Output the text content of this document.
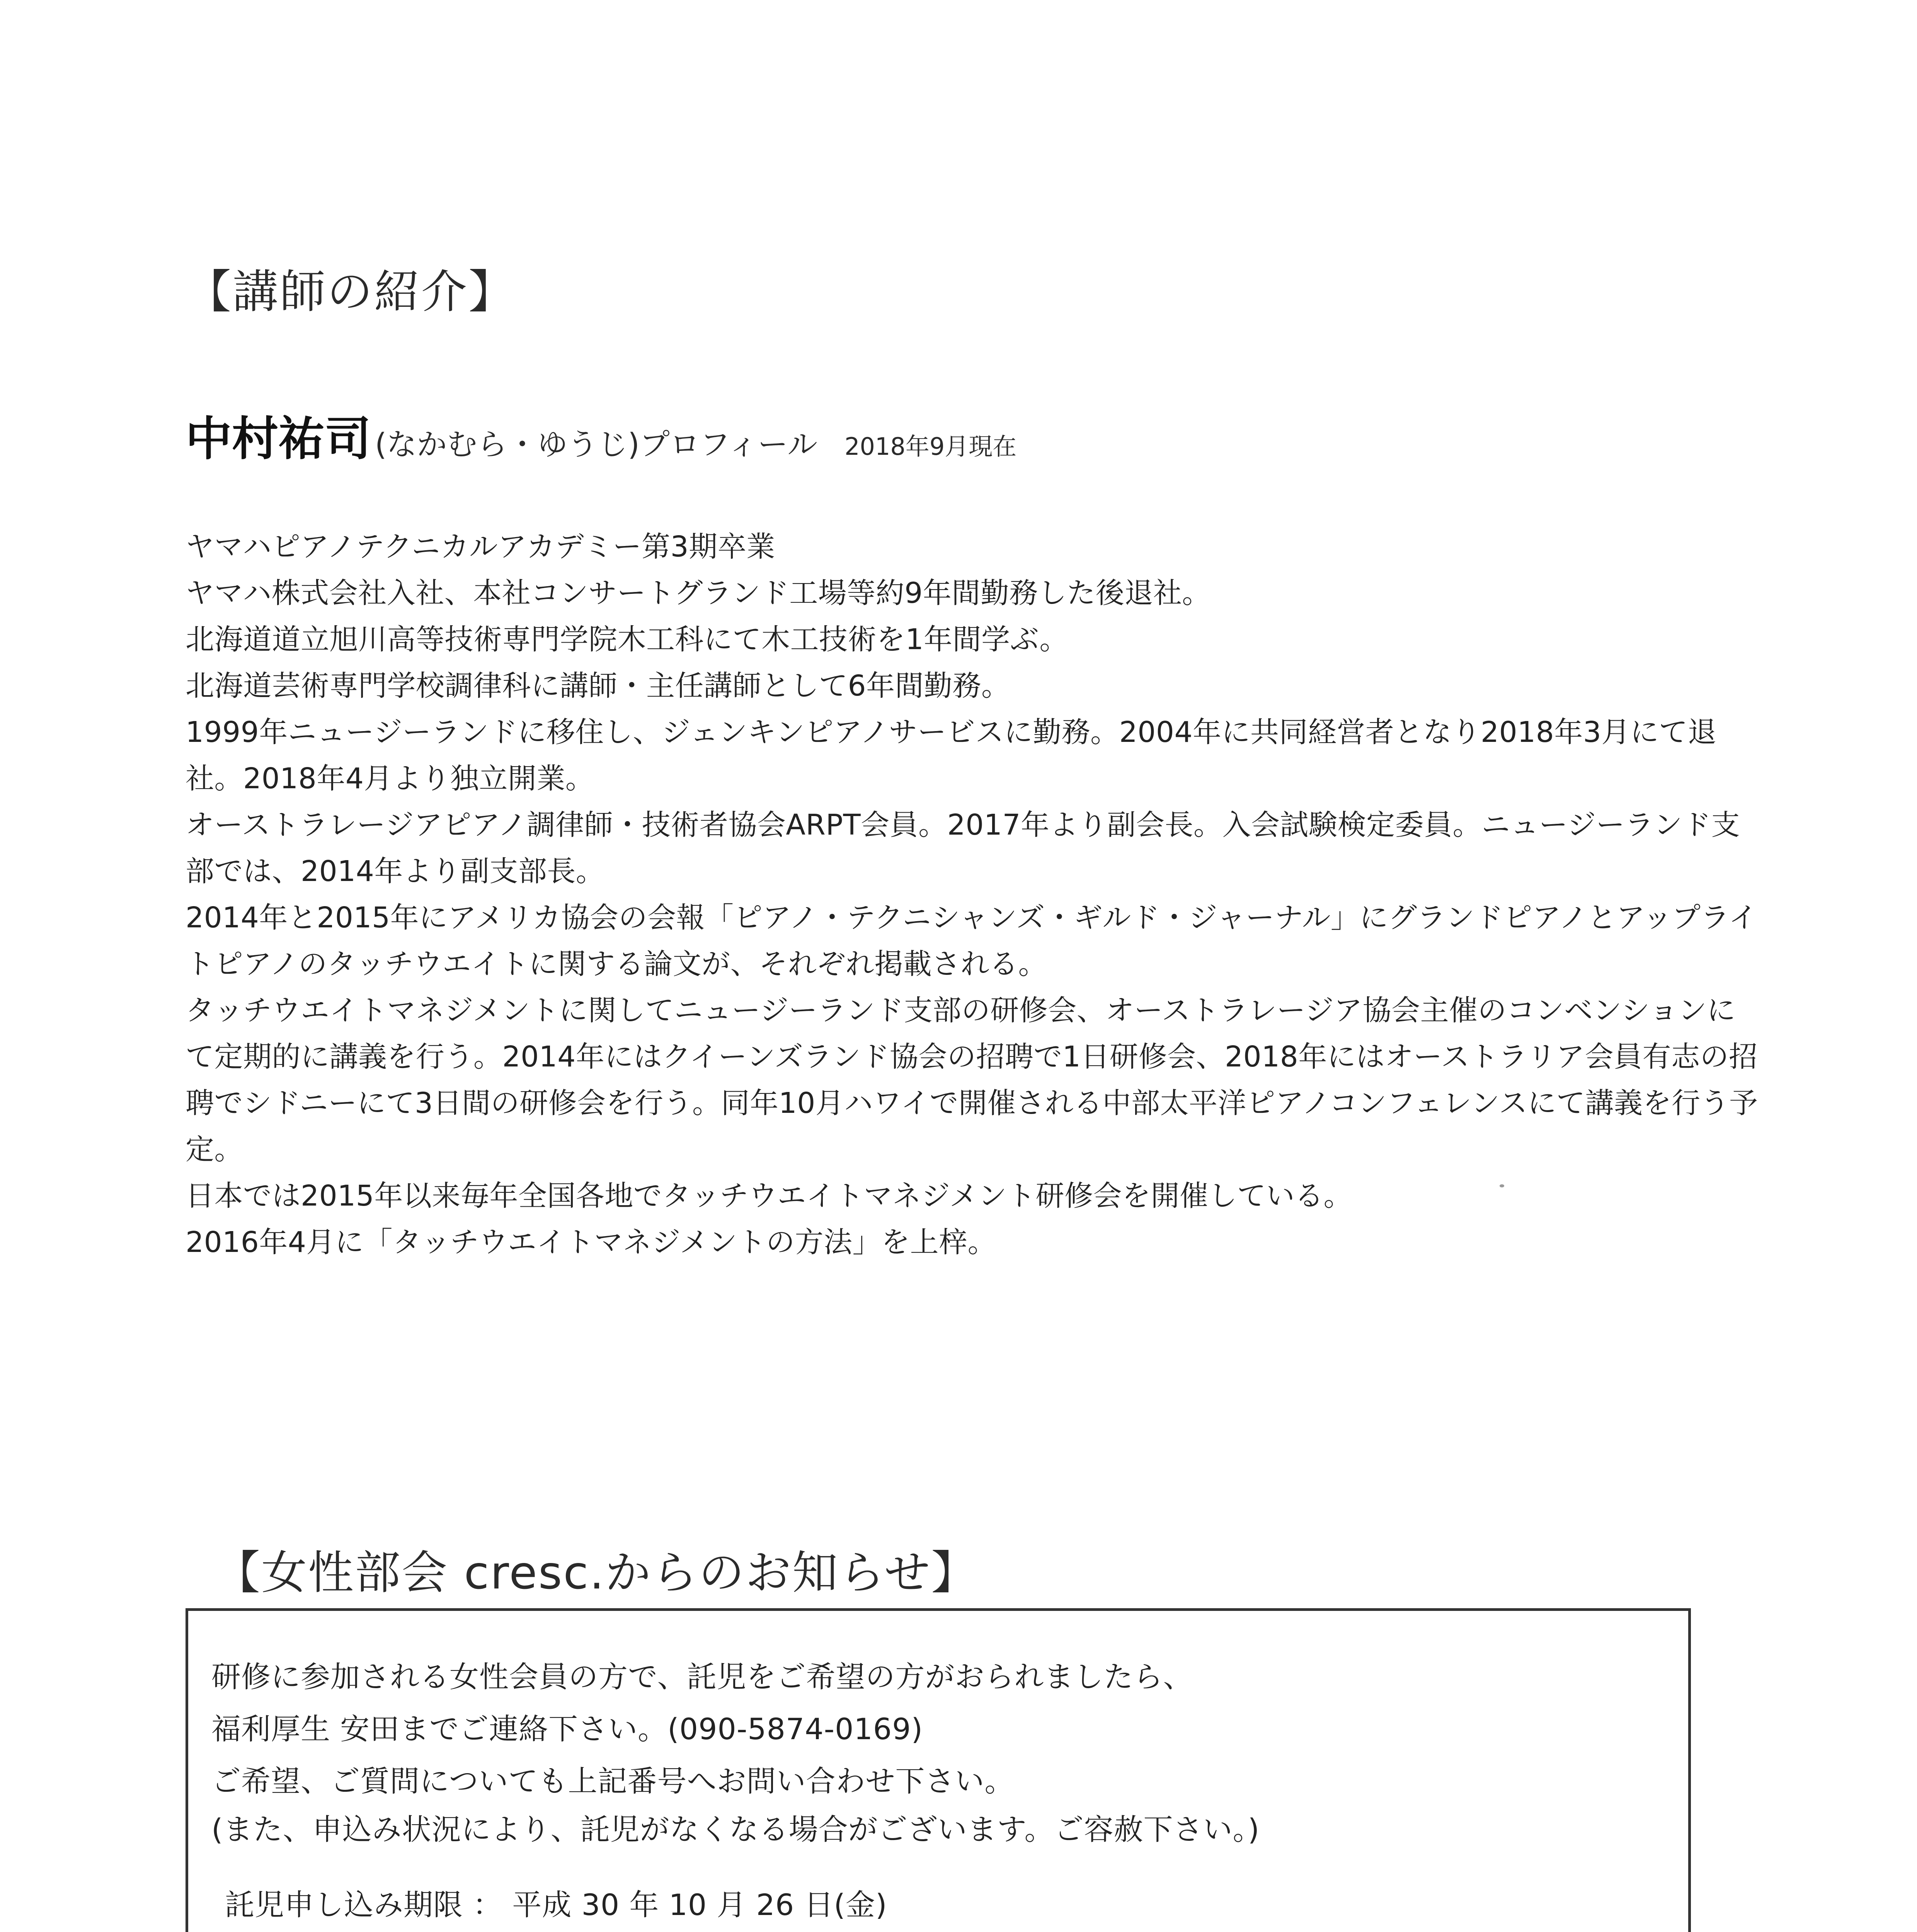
【講師の紹介】
中村祐司 (なかむら・ゆうじ)プロフィール 2018年9月現在

ヤマハピアノテクニカルアカデミー第3期卒業

ヤマハ株式会社入社、本社コンサートグランド工場等約9年間勤務した後退社。

北海道道立旭川高等技術専門学院木工科にて木工技術を1年間学ぶ。

北海道芸術専門学校調律科に講師・主任講師として6年間勤務。

1999年ニュージーランドに移住し、ジェンキンピアノサービスに勤務。2004年に共同経営者となり2018年3月にて退社。2018年4月より独立開業。

オーストラレージアピアノ調律師・技術者協会ARPT会員。2017年より副会長。入会試験検定委員。ニュージーランド支部では、2014年より副支部長。

2014年と2015年にアメリカ協会の会報「ピアノ・テクニシャンズ・ギルド・ジャーナル」にグランドピアノとアップライトピアノのタッチウエイトに関する論文が、それぞれ掲載される。

タッチウエイトマネジメントに関してニュージーランド支部の研修会、オーストラレージア協会主催のコンベンションにて定期的に講義を行う。2014年にはクイーンズランド協会の招聘で1日研修会、2018年にはオーストラリア会員有志の招聘でシドニーにて3日間の研修会を行う。同年10月ハワイで開催される中部太平洋ピアノコンフェレンスにて講義を行う予定。

日本では2015年以来毎年全国各地でタッチウエイトマネジメント研修会を開催している。

2016年4月に「タッチウエイトマネジメントの方法」を上梓。

【女性部会 cresc.からのお知らせ】
研修に参加される女性会員の方で、託児をご希望の方がおられましたら、
福利厚生 安田までご連絡下さい。(090-5874-0169)
ご希望、ご質問についても上記番号へお問い合わせ下さい。
(また、申込み状況により、託児がなくなる場合がございます。ご容赦下さい。)
託児申し込み期限 ： 平成 30 年 10 月 26 日(金)
